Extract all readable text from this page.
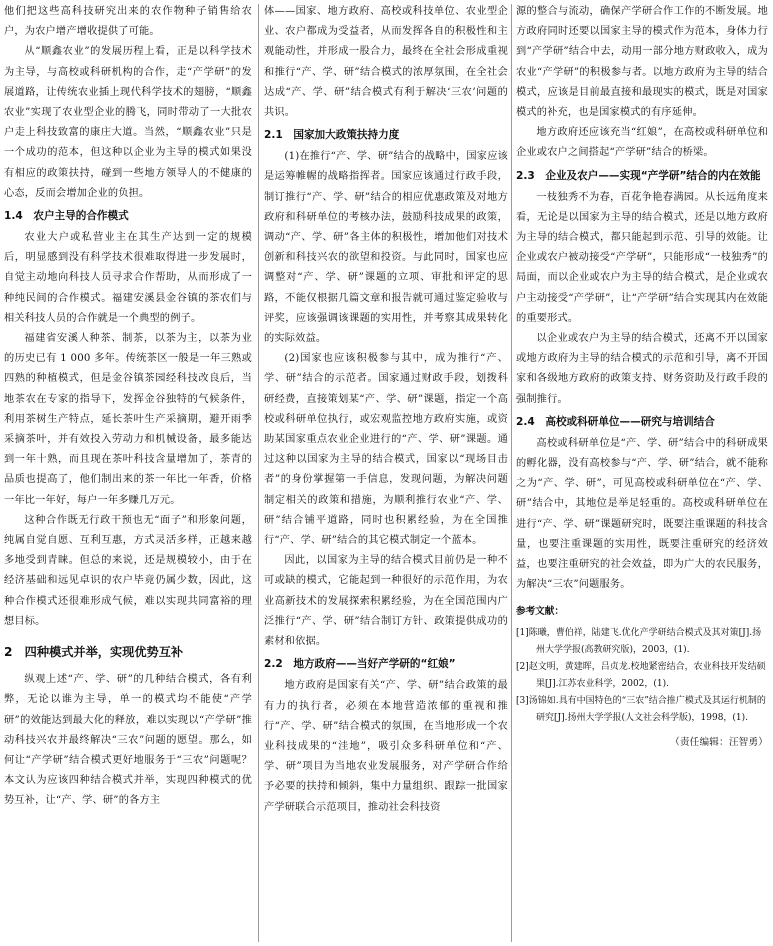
他们把这些高科技研究出来的农作物种子销售给农户，为农户增产增收提供了可能。

从“顺鑫农业”的发展历程上看，正是以科学技术为主导，与高校或科研机构的合作，走“产学研”的发展道路，让传统农业插上现代科学技术的翅膀，“顺鑫农业”实现了农业型企业的腾飞，同时带动了一大批农户走上科技致富的康庄大道。当然，“顺鑫农业”只是一个成功的范本，但这种以企业为主导的模式如果没有相应的政策扶持，碰到一些地方领导人的不健康的心态，反而会增加企业的负担。

1.4　农户主导的合作模式

农业大户或私营业主在其生产达到一定的规模后，明显感到没有科学技术很难取得进一步发展时，自觉主动地向科技人员寻求合作帮助，从而形成了一种纯民间的合作模式。福建安溪县金谷镇的茶农们与相关科技人员的合作就是一个典型的例子。

福建省安溪人种茶、制茶，以茶为主，以茶为业的历史已有 1 000 多年。传统茶区一般是一年三熟或四熟的种植模式，但是金谷镇茶园经科技改良后，当地茶农在专家的指导下，发挥金谷独特的气候条件，利用茶树生产特点，延长茶叶生产采摘期，避开雨季采摘茶叶，并有效投入劳动力和机械设备，最多能达到一年十熟，而且现在茶叶科技含量增加了，茶青的品质也提高了，他们制出来的茶一年比一年香，价格一年比一年好，每户一年多赚几万元。

这种合作既无行政干预也无“面子”和形象问题，纯属自觉自愿、互利互惠，方式灵活多样，正越来越多地受到青睐。但总的来说，还是规模较小，由于在经济基础和远见卓识的农户毕竟仍属少数，因此，这种合作模式还很难形成气候，难以实现共同富裕的理想目标。

2　四种模式并举，实现优势互补

纵观上述“产、学、研”的几种结合模式，各有利弊，无论以谁为主导，单一的模式均不能使“产学研”的效能达到最大化的释放，难以实现以“产学研”推动科技兴农并最终解决“三农”问题的愿望。那么，如何让“产学研”结合模式更好地服务于“三农”问题呢？本文认为应该四种结合模式并举，实现四种模式的优势互补，让“产、学、研”的各方主

体——国家、地方政府、高校或科技单位、农业型企业、农户都成为受益者，从而发挥各自的积极性和主观能动性，并形成一股合力，最终在全社会形成重视和推行“产、学、研”结合模式的浓厚氛围，在全社会达成“产、学、研”结合模式有利于解决‘三农’问题的共识。

2.1　国家加大政策扶持力度

(1)在推行“产、学、研”结合的战略中，国家应该是运筹帷幄的战略指挥者。国家应该通过行政手段，制订推行“产、学、研”结合的相应优惠政策及对地方政府和科研单位的考核办法，鼓励科技成果的政策，调动“产、学、研”各主体的积极性，增加他们对技术创新和科技兴农的欲望和投资。与此同时，国家也应调整对“产、学、研”课题的立项、审批和评定的思路，不能仅根据几篇文章和报告就可通过鉴定验收与评奖，应该强调该课题的实用性，并考察其成果转化的实际效益。

(2)国家也应该积极参与其中，成为推行“产、学、研”结合的示范者。国家通过财政手段，划拨科研经费，直接策划某“产、学、研”课题，指定一个高校或科研单位执行，或宏观监控地方政府实施，或资助某国家重点农业企业进行的“产、学、研”课题。通过这种以国家为主导的结合模式，国家以“现场目击者”的身份掌握第一手信息，发现问题，为解决问题制定相关的政策和措施，为顺利推行农业“产、学、研”结合铺平道路，同时也积累经验，为在全国推行“产、学、研”结合的其它模式制定一个蓝本。

因此，以国家为主导的结合模式目前仍是一种不可或缺的模式，它能起到一种很好的示范作用，为农业高新技术的发展探索积累经验，为在全国范围内广泛推行“产、学、研”结合制订方针、政策提供成功的素材和依据。

2.2　地方政府——当好产学研的“红娘”

地方政府是国家有关“产、学、研”结合政策的最有力的执行者，必须在本地营造浓郁的重视和推行“产、学、研”结合模式的氛围，在当地形成一个农业科技成果的“洼地”，吸引众多科研单位和“产、学、研”项目为当地农业发展服务，对产学研合作给予必要的扶持和倾斜，集中力量组织、跟踪一批国家产学研联合示范项目，推动社会科技资

源的整合与流动，确保产学研合作工作的不断发展。地方政府同时还要以国家主导的模式作为范本，身体力行到“产学研”结合中去，动用一部分地方财政收入，成为农业“产学研”的积极参与者。以地方政府为主导的结合模式，应该是目前最直接和最现实的模式，既是对国家模式的补充，也是国家模式的有序延伸。

地方政府还应该充当“红娘”，在高校或科研单位和企业或农户之间搭起“产学研”结合的桥梁。

2.3　企业及农户——实现“产学研”结合的内在效能

一枝独秀不为春，百花争艳春满园。从长远角度来看，无论是以国家为主导的结合模式，还是以地方政府为主导的结合模式，都只能起到示范、引导的效能。让企业或农户被动接受“产学研”，只能形成“一枝独秀”的局面，而以企业或农户为主导的结合模式，是企业或农户主动接受“产学研”，让“产学研”结合实现其内在效能的重要形式。

以企业或农户为主导的结合模式，还离不开以国家或地方政府为主导的结合模式的示范和引导，离不开国家和各级地方政府的政策支持、财务资助及行政手段的强制推行。

2.4　高校或科研单位——研究与培训结合

高校或科研单位是“产、学、研”结合中的科研成果的孵化器，没有高校参与“产、学、研”结合，就不能称之为“产、学、研”，可见高校或科研单位在“产、学、研”结合中，其地位是举足轻重的。高校或科研单位在进行“产、学、研”课题研究时，既要注重课题的科技含量，也要注重课题的实用性，既要注重研究的经济效益，也要注重研究的社会效益，即为广大的农民服务，为解决“三农”问题服务。

参考文献：

[1]陈曦，曹伯祥，陆建飞.优化产学研结合模式及其对策[J].扬州大学学报(高教研究版)，2003，(1).

[2]赵文明，黄建晖，吕贞龙.校地紧密结合，农业科技开发结硕果[J].江苏农业科学，2002，(1).

[3]汤锦如.具有中国特色的“三农”结合推广模式及其运行机制的研究[J].扬州大学学报(人文社会科学版)，1998，(1).

（责任编辑：汪智勇）
